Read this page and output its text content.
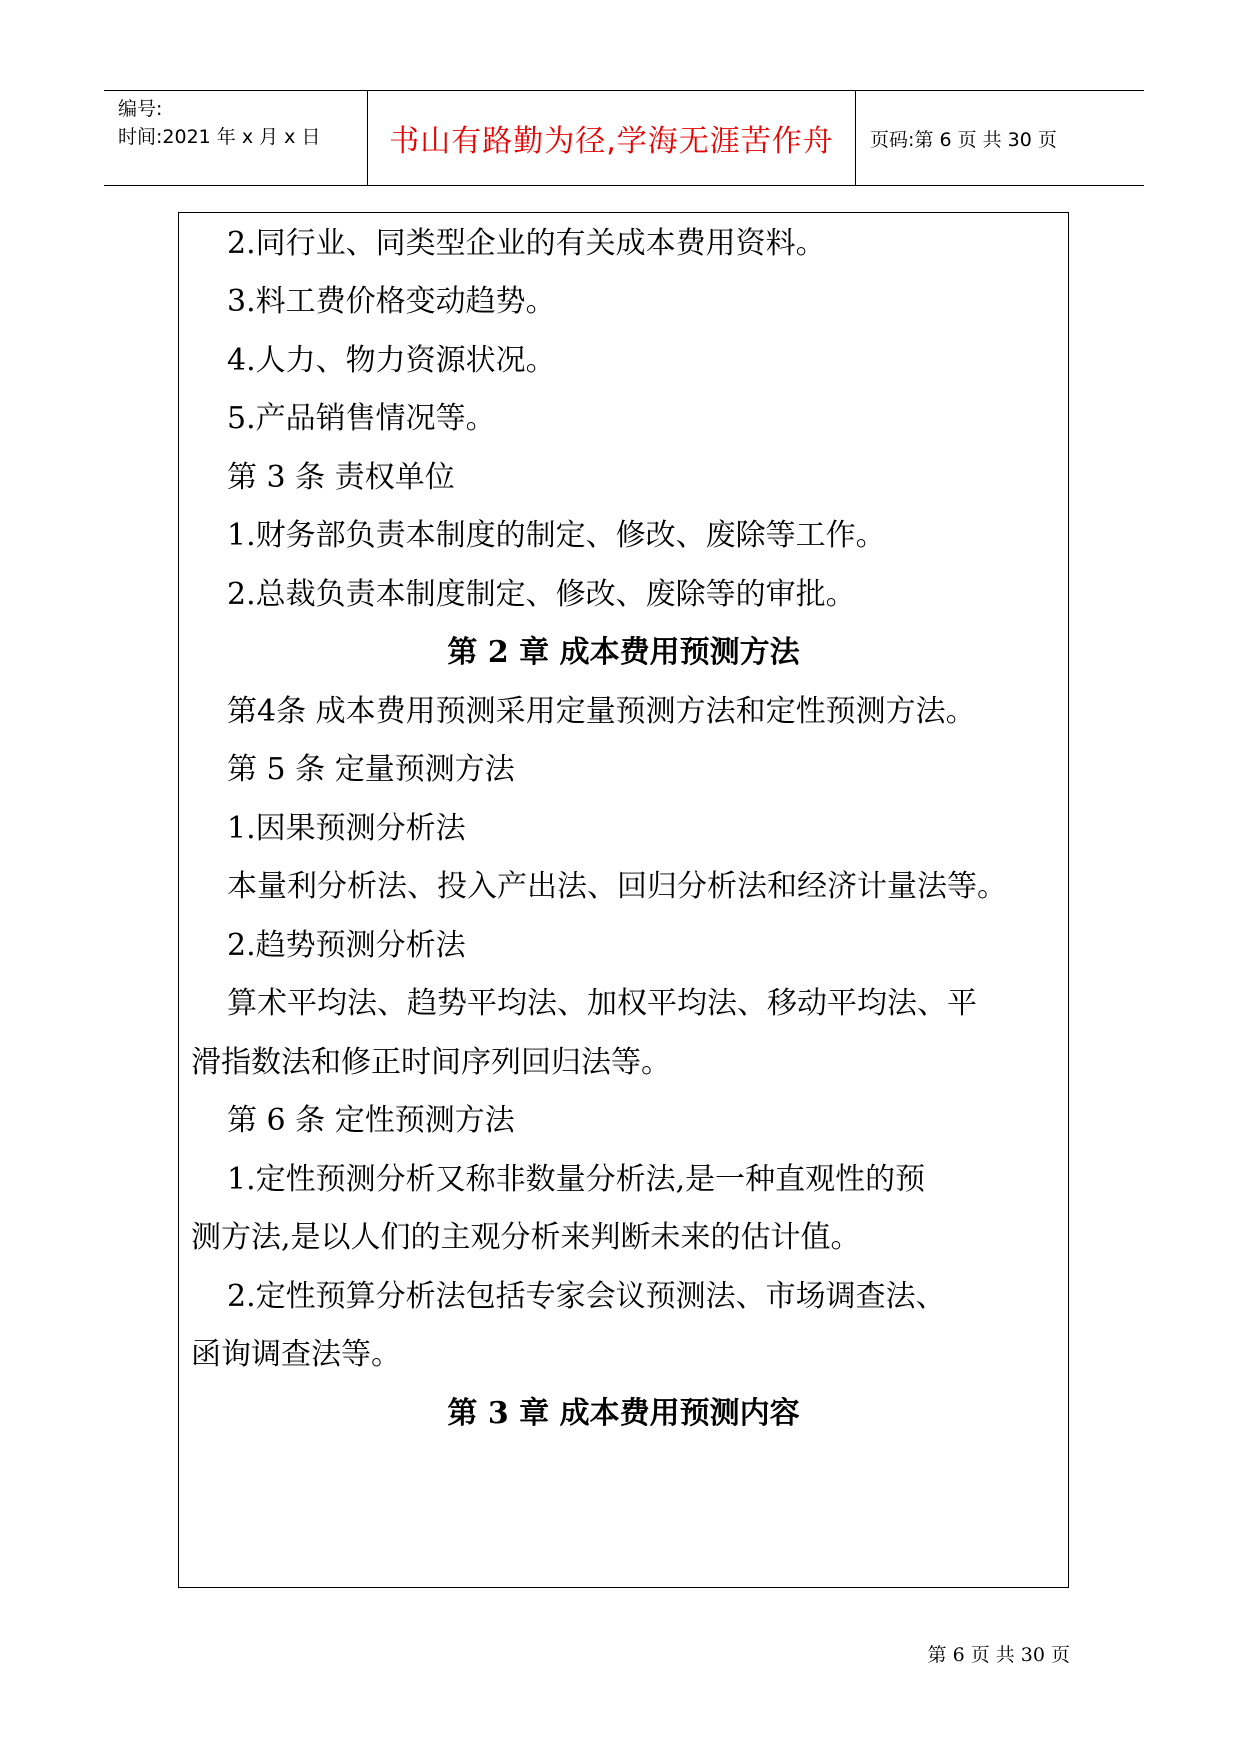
编号:
时间:2021 年 x 月 x 日	书山有路勤为径,学海无涯苦作舟	页码:第 6 页 共 30 页
2.同行业、同类型企业的有关成本费用资料。
3.料工费价格变动趋势。
4.人力、物力资源状况。
5.产品销售情况等。
第 3 条 责权单位
1.财务部负责本制度的制定、修改、废除等工作。
2.总裁负责本制度制定、修改、废除等的审批。
第 2 章 成本费用预测方法
第4条 成本费用预测采用定量预测方法和定性预测方法。
第 5 条 定量预测方法
1.因果预测分析法
本量利分析法、投入产出法、回归分析法和经济计量法等。
2.趋势预测分析法
算术平均法、趋势平均法、加权平均法、移动平均法、平
滑指数法和修正时间序列回归法等。
第 6 条 定性预测方法
1.定性预测分析又称非数量分析法,是一种直观性的预
测方法,是以人们的主观分析来判断未来的估计值。
2.定性预算分析法包括专家会议预测法、市场调查法、
函询调查法等。
第 3 章 成本费用预测内容
第 6 页 共 30 页
